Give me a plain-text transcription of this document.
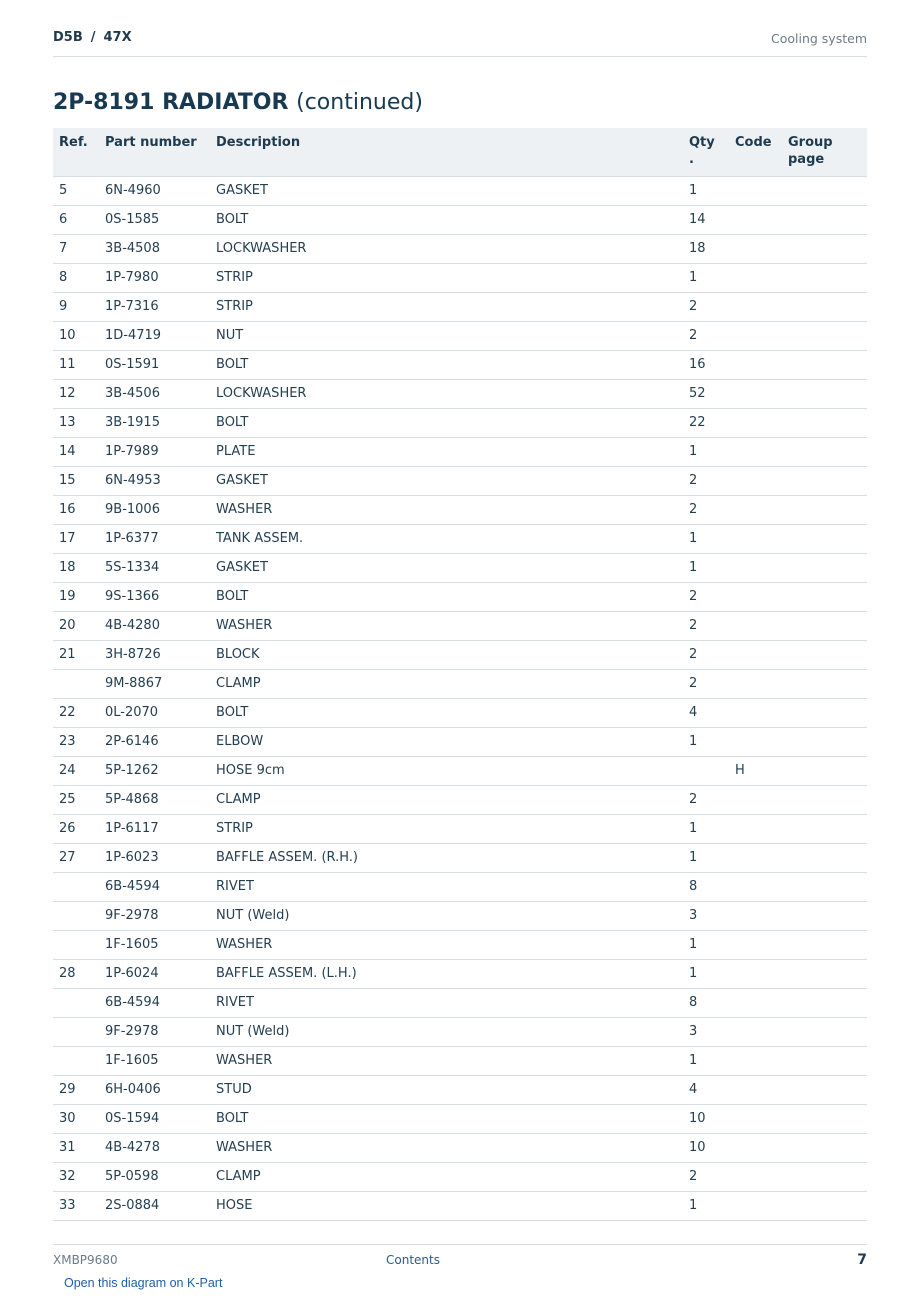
D5B / 47X	Cooling system
2P-8191 RADIATOR (continued)
Ref.	Part number	Description	Qty .	Code	Group page
5	6N-4960	GASKET	1		
6	0S-1585	BOLT	14		
7	3B-4508	LOCKWASHER	18		
8	1P-7980	STRIP	1		
9	1P-7316	STRIP	2		
10	1D-4719	NUT	2		
11	0S-1591	BOLT	16		
12	3B-4506	LOCKWASHER	52		
13	3B-1915	BOLT	22		
14	1P-7989	PLATE	1		
15	6N-4953	GASKET	2		
16	9B-1006	WASHER	2		
17	1P-6377	TANK ASSEM.	1		
18	5S-1334	GASKET	1		
19	9S-1366	BOLT	2		
20	4B-4280	WASHER	2		
21	3H-8726	BLOCK	2		
	9M-8867	CLAMP	2		
22	0L-2070	BOLT	4		
23	2P-6146	ELBOW	1		
24	5P-1262	HOSE 9cm		H	
25	5P-4868	CLAMP	2		
26	1P-6117	STRIP	1		
27	1P-6023	BAFFLE ASSEM. (R.H.)	1		
	6B-4594	RIVET	8		
	9F-2978	NUT (Weld)	3		
	1F-1605	WASHER	1		
28	1P-6024	BAFFLE ASSEM. (L.H.)	1		
	6B-4594	RIVET	8		
	9F-2978	NUT (Weld)	3		
	1F-1605	WASHER	1		
29	6H-0406	STUD	4		
30	0S-1594	BOLT	10		
31	4B-4278	WASHER	10		
32	5P-0598	CLAMP	2		
33	2S-0884	HOSE	1		
XMBP9680	Contents	7
Open this diagram on K-Part
